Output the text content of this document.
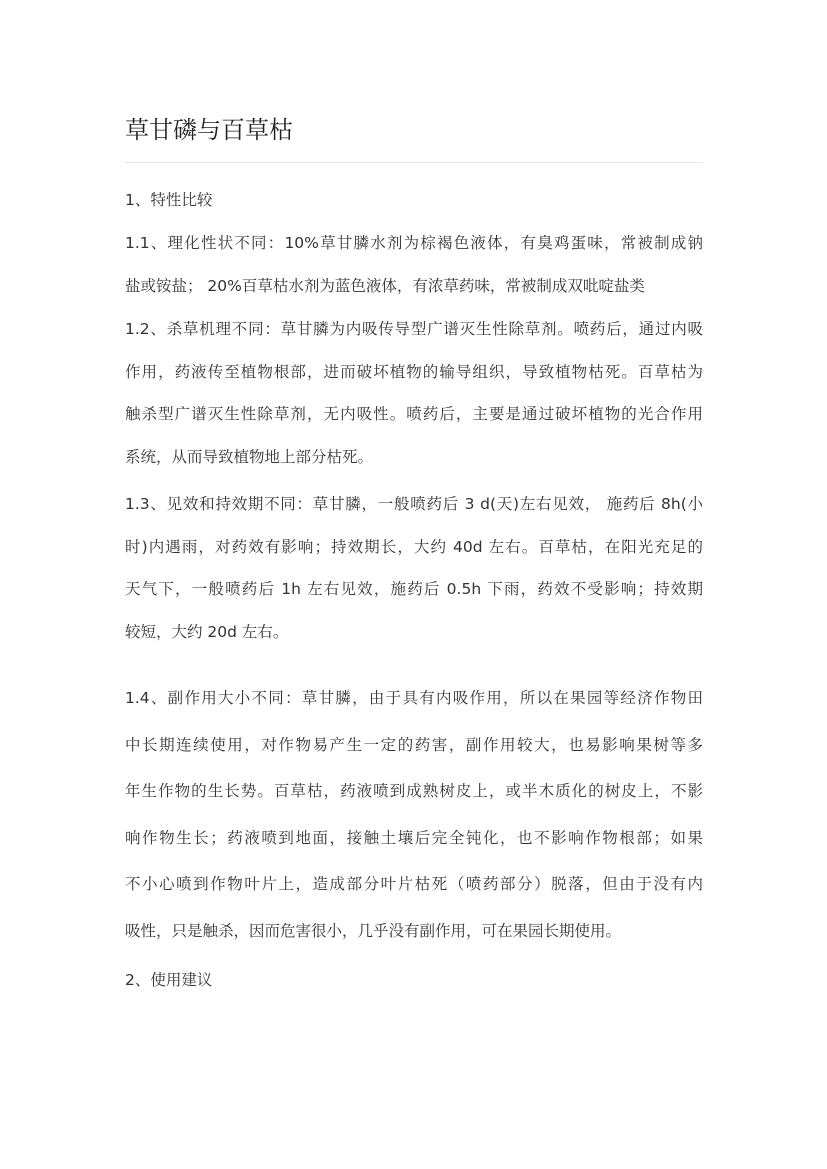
草甘磷与百草枯

1、特性比较

1.1、理化性状不同：10%草甘膦水剂为棕褐色液体，有臭鸡蛋味，常被制成钠
盐或铵盐； 20%百草枯水剂为蓝色液体，有浓草药味，常被制成双吡啶盐类
1.2、杀草机理不同：草甘膦为内吸传导型广谱灭生性除草剂。喷药后，通过内吸
作用，药液传至植物根部，进而破坏植物的输导组织，导致植物枯死。百草枯为
触杀型广谱灭生性除草剂，无内吸性。喷药后，主要是通过破坏植物的光合作用
系统，从而导致植物地上部分枯死。
1.3、见效和持效期不同：草甘膦，一般喷药后 3 d(天)左右见效， 施药后 8h(小
时)内遇雨，对药效有影响；持效期长，大约 40d 左右。百草枯，在阳光充足的
天气下，一般喷药后 1h 左右见效，施药后 0.5h 下雨，药效不受影响；持效期
较短，大约 20d 左右。
1.4、副作用大小不同：草甘膦，由于具有内吸作用，所以在果园等经济作物田
中长期连续使用，对作物易产生一定的药害，副作用较大，也易影响果树等多
年生作物的生长势。百草枯，药液喷到成熟树皮上，或半木质化的树皮上，不影
响作物生长；药液喷到地面，接触土壤后完全钝化，也不影响作物根部；如果
不小心喷到作物叶片上，造成部分叶片枯死（喷药部分）脱落，但由于没有内
吸性，只是触杀，因而危害很小，几乎没有副作用，可在果园长期使用。

2、使用建议
